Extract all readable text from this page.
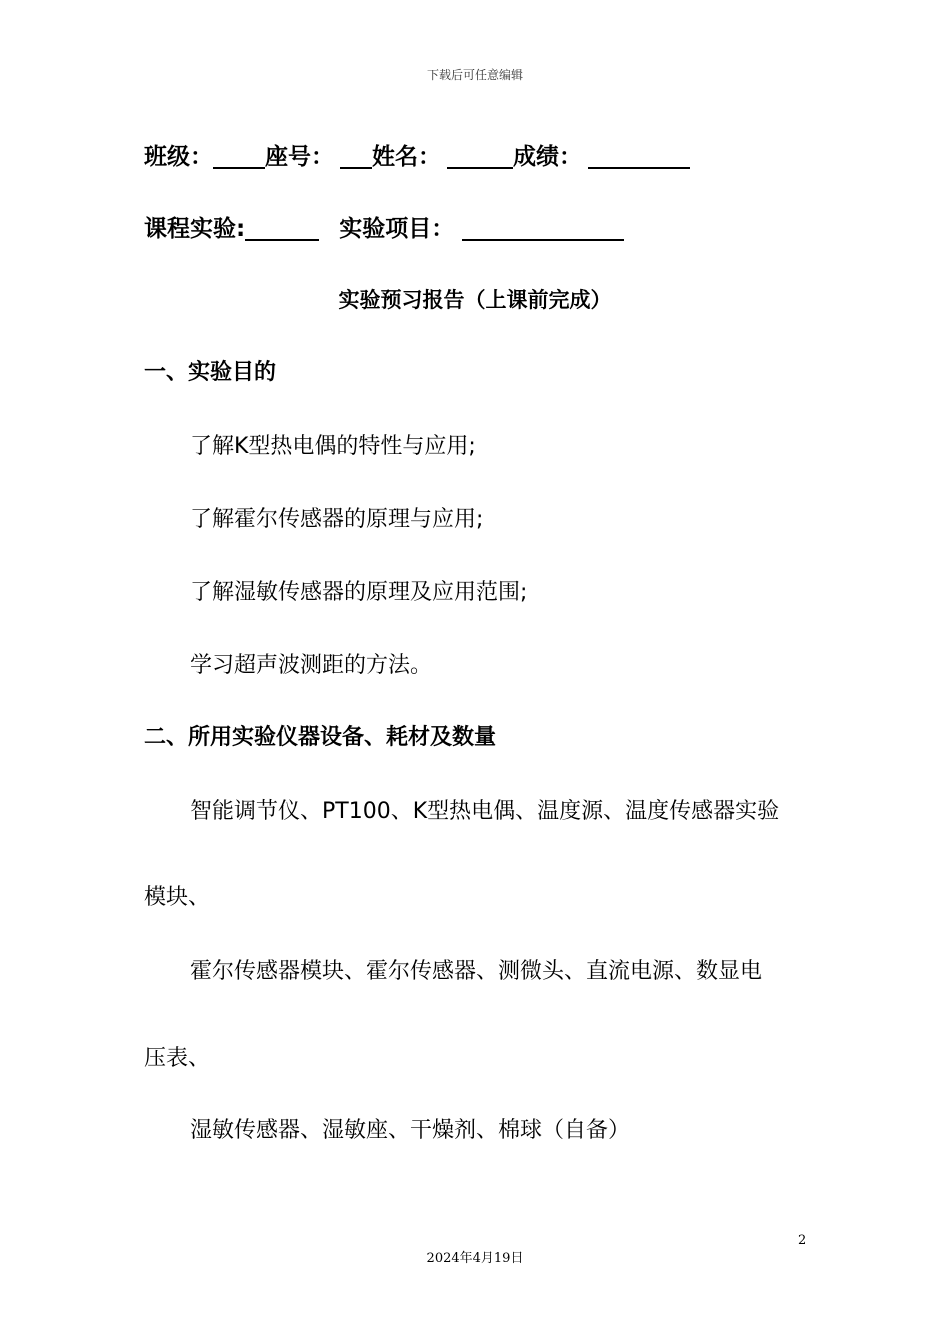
下载后可任意编辑
班级： 座号： 姓名：	成绩：
课程实验:	实验项目：
实验预习报告（上课前完成）
一、实验目的
了解K型热电偶的特性与应用;
了解霍尔传感器的原理与应用;
了解湿敏传感器的原理及应用范围;
学习超声波测距的方法。
二、所用实验仪器设备、耗材及数量
智能调节仪、PT100、K型热电偶、温度源、温度传感器实验
模块、
霍尔传感器模块、霍尔传感器、测微头、直流电源、数显电
压表、
湿敏传感器、湿敏座、干燥剂、棉球（自备）
2
2024年4月19日
